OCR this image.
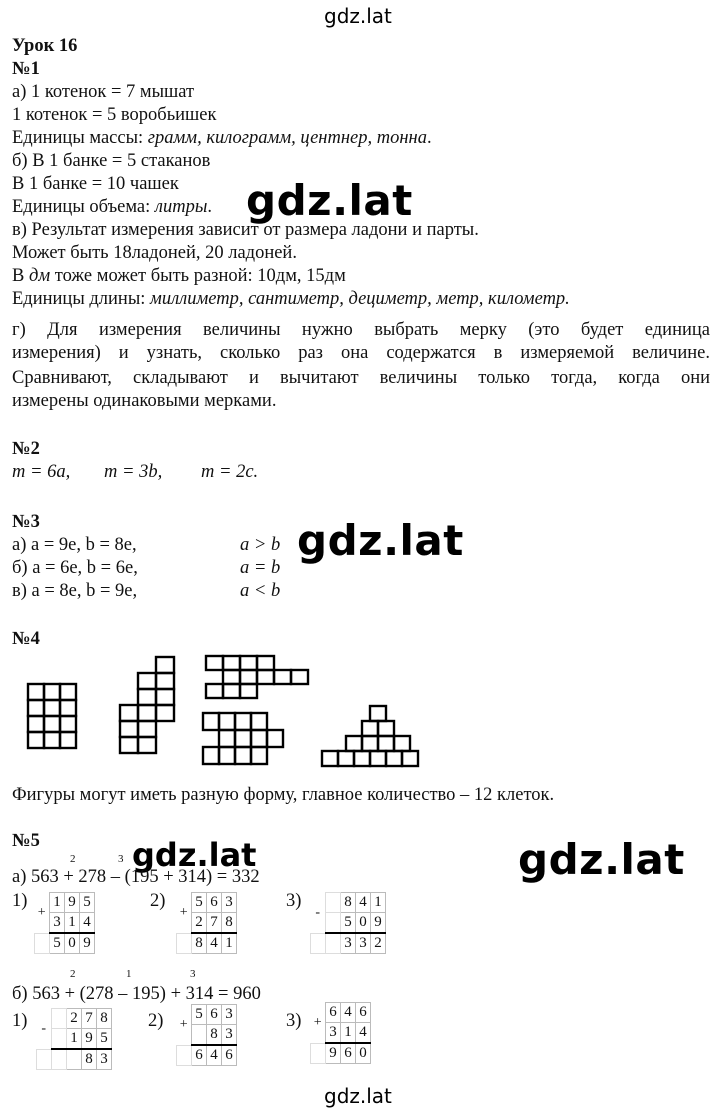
gdz.lat
gdz.lat
gdz.lat
gdz.lat	gdz.lat
gdz.lat
Урок 16
№1
а) 1 котенок = 7 мышат
1 котенок = 5 воробьишек
Единицы массы: грамм, килограмм, центнер, тонна.
б) В 1 банке = 5 стаканов
В 1 банке = 10 чашек
Единицы объема: литры.
в) Результат измерения зависит от размера ладони и парты.
Может быть 18ладоней, 20 ладоней.
В дм тоже может быть разной: 10дм, 15дм
Единицы длины: миллиметр, сантиметр, дециметр, метр, километр.
г) Для измерения величины нужно выбрать мерку (это будет единица
измерения) и узнать, сколько раз она содержатся в измеряемой величине.
Сравнивают, складывают и вычитают величины только тогда, когда они
измерены одинаковыми мерками.
№2
m = 6a, m = 3b, m = 2c.
№3
а) a = 9е, b = 8е,	a > b
б) a = 6е, b = 6е,	a = b
в) a = 8е, b = 9е,	a < b
№4
Фигуры могут иметь разную форму, главное количество – 12 клеток.
№5
2	3
а) 563 + 278 – (195 + 314) = 332
1)
+	1	9	5
	3	1	4
	5	0	9
2)
+	5	6	3
	2	7	8
	8	4	1
3)
-		8	4	1
		5	0	9
		3	3	2
2	1	3
б) 563 + (278 – 195) + 314 = 960
1) -		2	7	8
		1	9	5
			8	3
2) +	5	6	3
		8	3
	6	4	6
3) +	6	4	6
	3	1	4
	9	6	0
